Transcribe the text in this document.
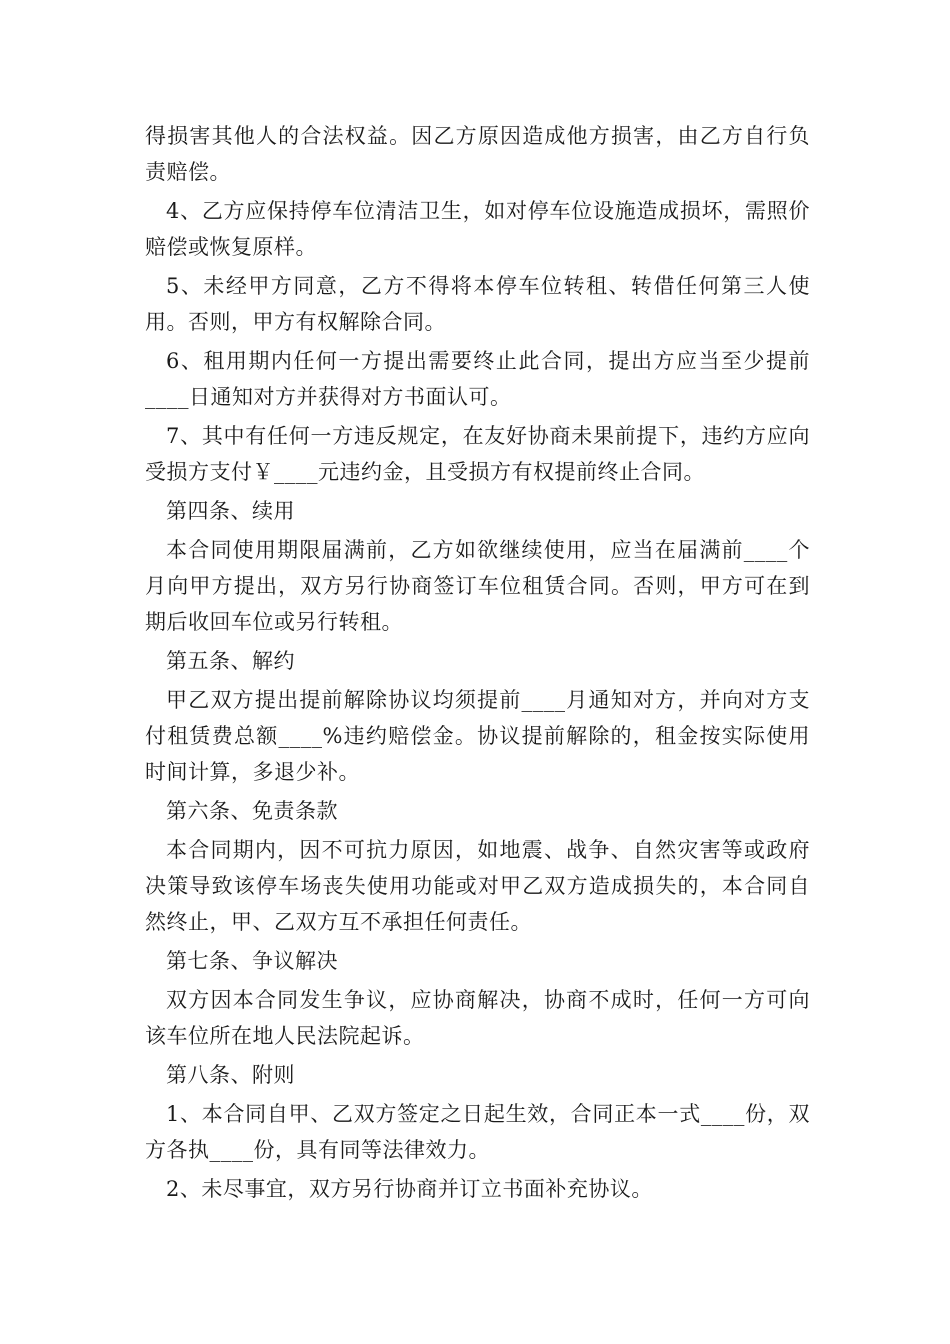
得损害其他人的合法权益。因乙方原因造成他方损害，由乙方自行负责赔偿。

4、乙方应保持停车位清洁卫生，如对停车位设施造成损坏，需照价赔偿或恢复原样。

5、未经甲方同意，乙方不得将本停车位转租、转借任何第三人使用。否则，甲方有权解除合同。

6、租用期内任何一方提出需要终止此合同，提出方应当至少提前____日通知对方并获得对方书面认可。

7、其中有任何一方违反规定，在友好协商未果前提下，违约方应向受损方支付￥____元违约金，且受损方有权提前终止合同。

第四条、续用

本合同使用期限届满前，乙方如欲继续使用，应当在届满前____个月向甲方提出，双方另行协商签订车位租赁合同。否则，甲方可在到期后收回车位或另行转租。

第五条、解约

甲乙双方提出提前解除协议均须提前____月通知对方，并向对方支付租赁费总额____%违约赔偿金。协议提前解除的，租金按实际使用时间计算，多退少补。

第六条、免责条款

本合同期内，因不可抗力原因，如地震、战争、自然灾害等或政府决策导致该停车场丧失使用功能或对甲乙双方造成损失的，本合同自然终止，甲、乙双方互不承担任何责任。

第七条、争议解决

双方因本合同发生争议，应协商解决，协商不成时，任何一方可向该车位所在地人民法院起诉。

第八条、附则

1、本合同自甲、乙双方签定之日起生效，合同正本一式____份，双方各执____份，具有同等法律效力。

2、未尽事宜，双方另行协商并订立书面补充协议。
